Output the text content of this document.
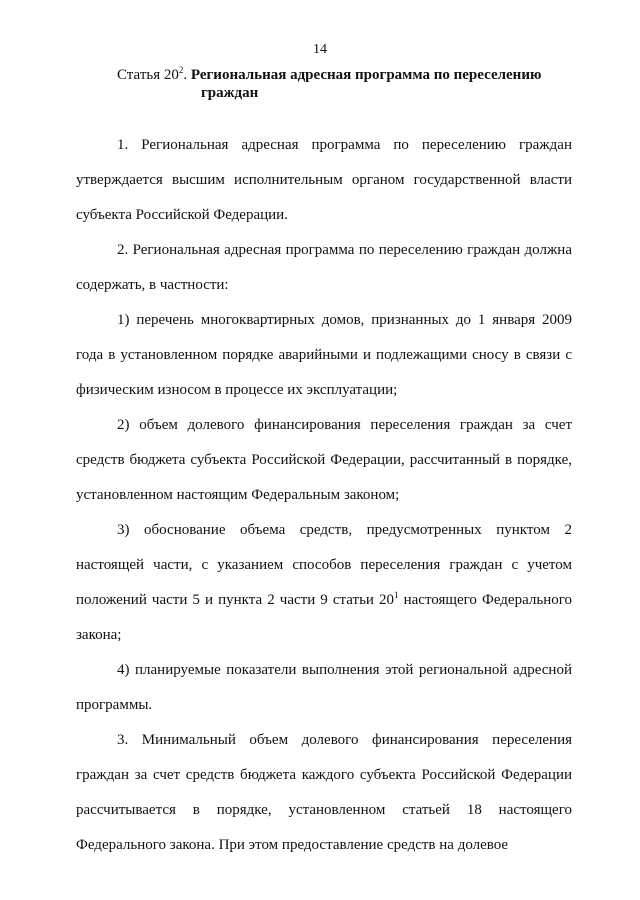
14
Статья $20^2$. Региональная адресная программа по переселению
граждан

1. Региональная адресная программа по переселению граждан утверждается высшим исполнительным органом государственной власти субъекта Российской Федерации.

2. Региональная адресная программа по переселению граждан должна содержать, в частности:

1) перечень многоквартирных домов, признанных до 1 января 2009 года в установленном порядке аварийными и подлежащими сносу в связи с физическим износом в процессе их эксплуатации;

2) объем долевого финансирования переселения граждан за счет средств бюджета субъекта Российской Федерации, рассчитанный в порядке, установленном настоящим Федеральным законом;

3) обоснование объема средств, предусмотренных пунктом 2 настоящей части, с указанием способов переселения граждан с учетом положений части 5 и пункта 2 части 9 статьи $20^1$ настоящего Федерального закона;

4) планируемые показатели выполнения этой региональной адресной программы.

3. Минимальный объем долевого финансирования переселения граждан за счет средств бюджета каждого субъекта Российской Федерации рассчитывается в порядке, установленном статьей 18 настоящего Федерального закона. При этом предоставление средств на долевое
